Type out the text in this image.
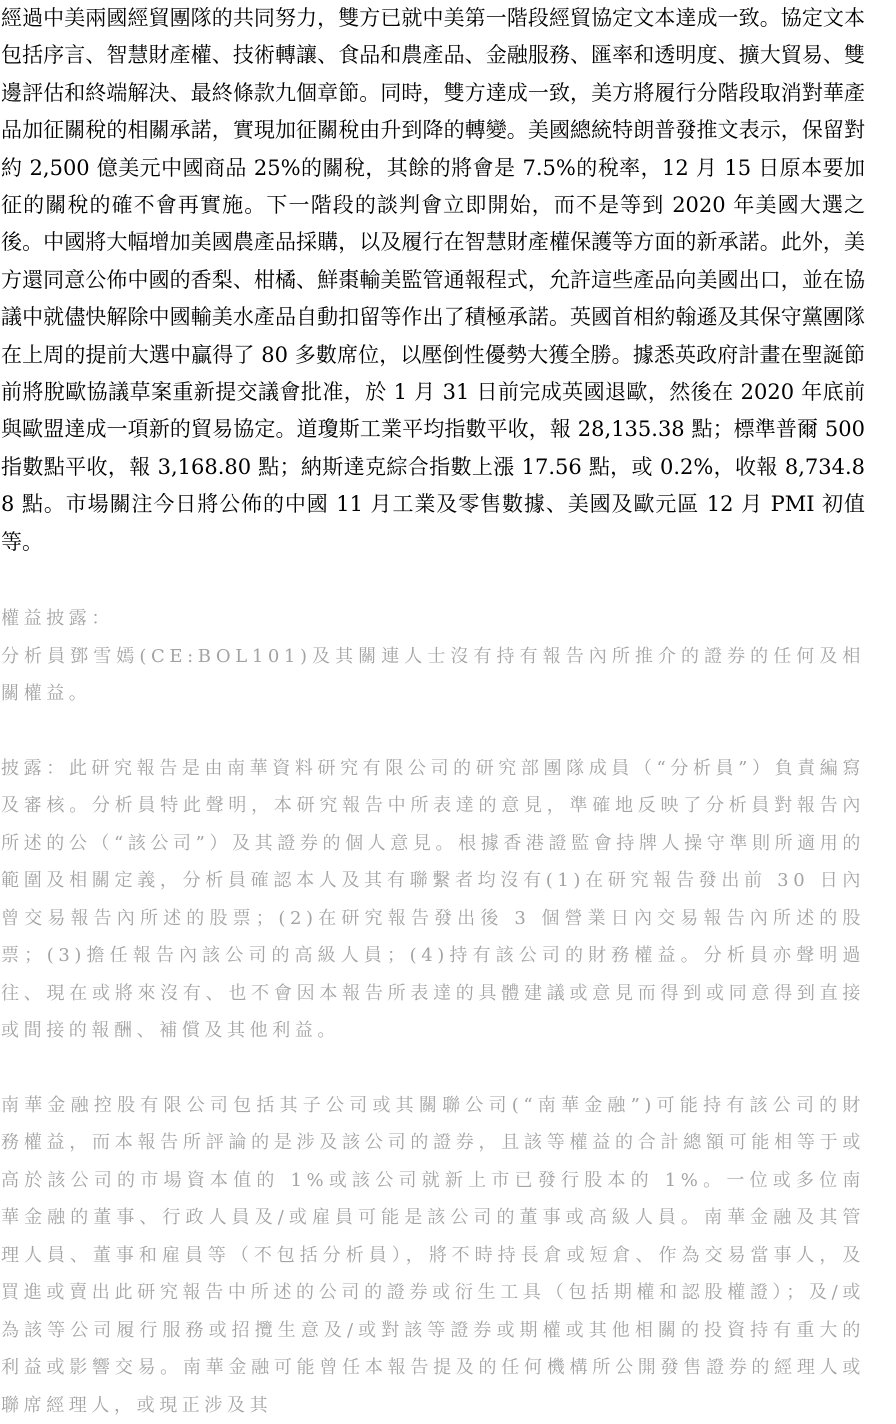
經過中美兩國經貿團隊的共同努力，雙方已就中美第一階段經貿協定文本達成一致。協定文本包括序言、智慧財產權、技術轉讓、食品和農產品、金融服務、匯率和透明度、擴大貿易、雙邊評估和終端解決、最終條款九個章節。同時，雙方達成一致，美方將履行分階段取消對華產品加征關稅的相關承諾，實現加征關稅由升到降的轉變。美國總統特朗普發推文表示，保留對約 2,500 億美元中國商品 25%的關稅，其餘的將會是 7.5%的稅率，12 月 15 日原本要加征的關稅的確不會再實施。下一階段的談判會立即開始，而不是等到 2020 年美國大選之後。中國將大幅增加美國農產品採購，以及履行在智慧財產權保護等方面的新承諾。此外，美方還同意公佈中國的香梨、柑橘、鮮棗輸美監管通報程式，允許這些產品向美國出口，並在協議中就儘快解除中國輸美水產品自動扣留等作出了積極承諾。英國首相約翰遜及其保守黨團隊在上周的提前大選中贏得了 80 多數席位，以壓倒性優勢大獲全勝。據悉英政府計畫在聖誕節前將脫歐協議草案重新提交議會批准，於 1 月 31 日前完成英國退歐，然後在 2020 年底前與歐盟達成一項新的貿易協定。道瓊斯工業平均指數平收，報 28,135.38 點；標準普爾 500 指數點平收，報 3,168.80 點；納斯達克綜合指數上漲 17.56 點，或 0.2%，收報 8,734.88 點。市場關注今日將公佈的中國 11 月工業及零售數據、美國及歐元區 12 月 PMI 初值等。

權益披露：
分析員鄧雪嫣(CE:BOL101)及其關連人士沒有持有報告內所推介的證券的任何及相關權益。

披露：此研究報告是由南華資料研究有限公司的研究部團隊成員（“分析員”）負責編寫及審核。分析員特此聲明，本研究報告中所表達的意見，準確地反映了分析員對報告內所述的公（“該公司”）及其證券的個人意見。根據香港證監會持牌人操守準則所適用的範圍及相關定義，分析員確認本人及其有聯繫者均沒有(1)在研究報告發出前 30 日內曾交易報告內所述的股票；(2)在研究報告發出後 3 個營業日內交易報告內所述的股票；(3)擔任報告內該公司的高級人員；(4)持有該公司的財務權益。分析員亦聲明過往、現在或將來沒有、也不會因本報告所表達的具體建議或意見而得到或同意得到直接或間接的報酬、補償及其他利益。

南華金融控股有限公司包括其子公司或其關聯公司(“南華金融”)可能持有該公司的財務權益，而本報告所評論的是涉及該公司的證券，且該等權益的合計總額可能相等于或高於該公司的市場資本值的 1%或該公司就新上市已發行股本的 1%。一位或多位南華金融的董事、行政人員及/或雇員可能是該公司的董事或高級人員。南華金融及其管理人員、董事和雇員等（不包括分析員），將不時持長倉或短倉、作為交易當事人，及買進或賣出此研究報告中所述的公司的證券或衍生工具（包括期權和認股權證）；及/或為該等公司履行服務或招攬生意及/或對該等證券或期權或其他相關的投資持有重大的利益或影響交易。南華金融可能曾任本報告提及的任何機構所公開發售證券的經理人或聯席經理人，或現正涉及其
